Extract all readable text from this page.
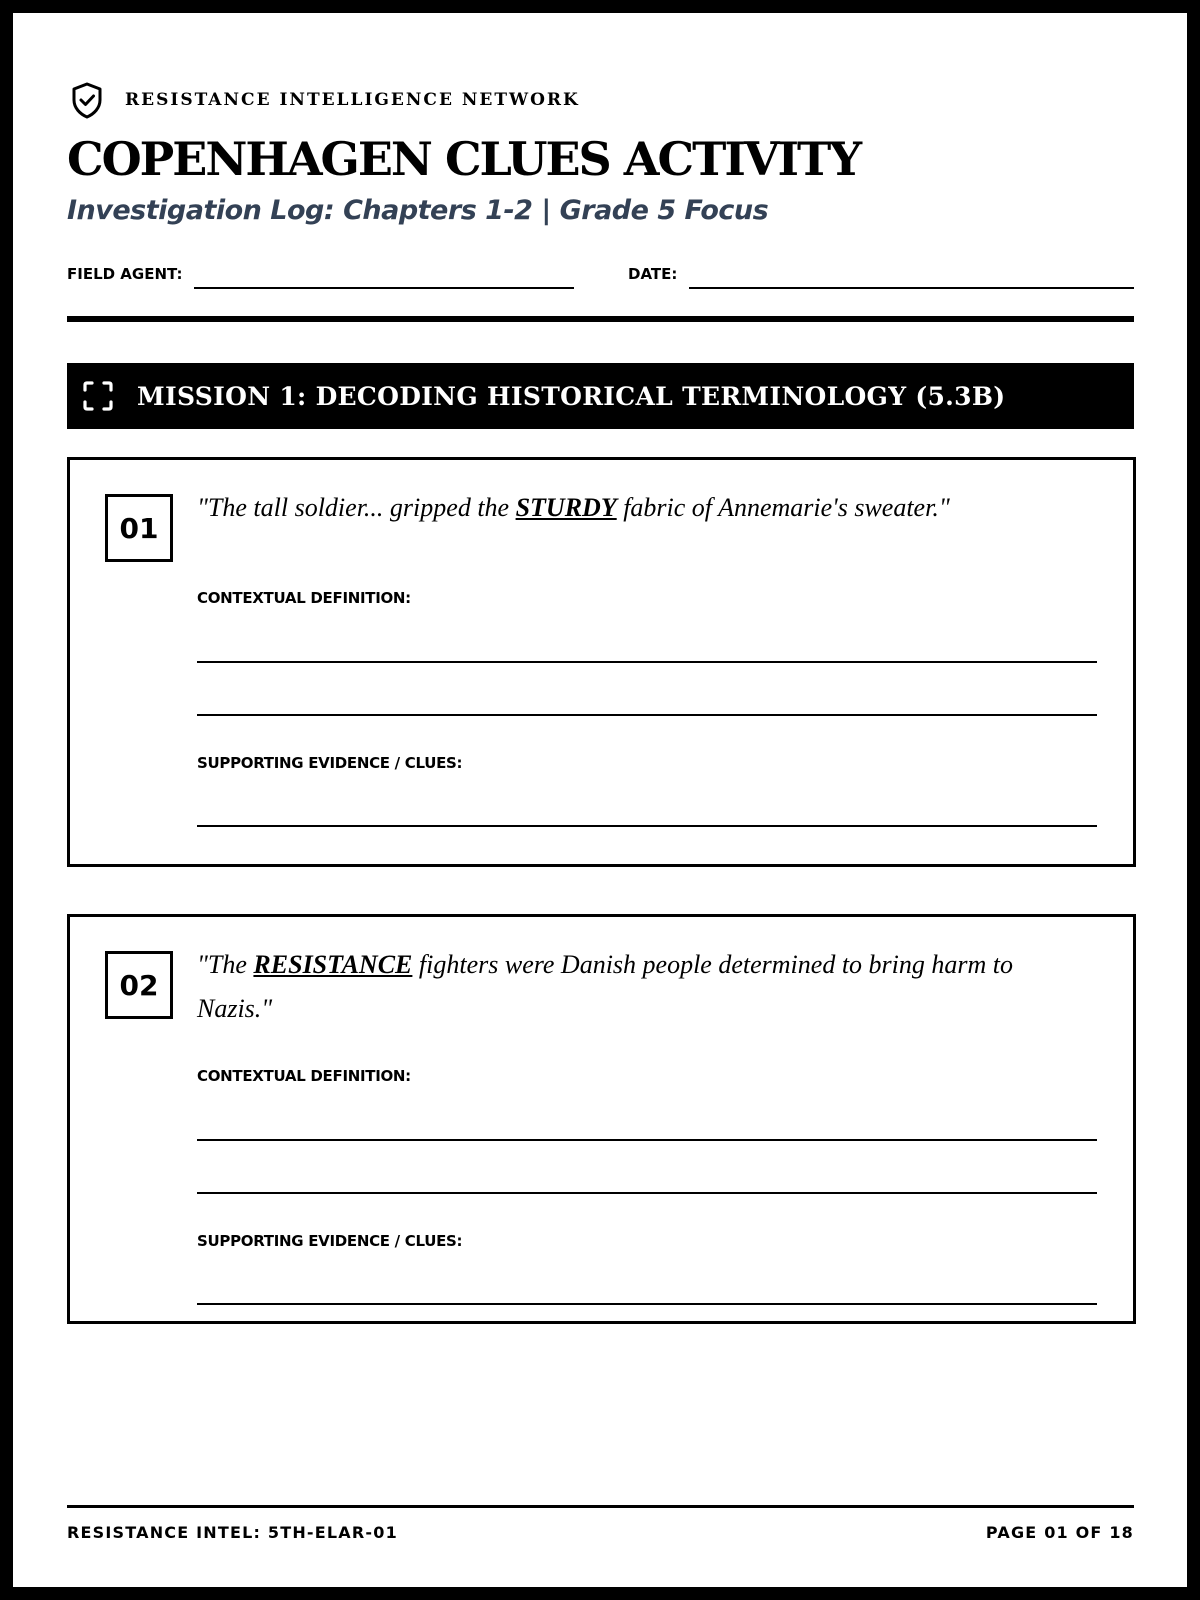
RESISTANCE INTELLIGENCE NETWORK
COPENHAGEN CLUES ACTIVITY
Investigation Log: Chapters 1-2 | Grade 5 Focus
FIELD AGENT:	DATE:
MISSION 1: DECODING HISTORICAL TERMINOLOGY (5.3B)
01
"The tall soldier... gripped the STURDY fabric of Annemarie's sweater."
CONTEXTUAL DEFINITION:
SUPPORTING EVIDENCE / CLUES:
02
"The RESISTANCE fighters were Danish people determined to bring harm to Nazis."
CONTEXTUAL DEFINITION:
SUPPORTING EVIDENCE / CLUES:
RESISTANCE INTEL: 5TH-ELAR-01	PAGE 01 OF 18
